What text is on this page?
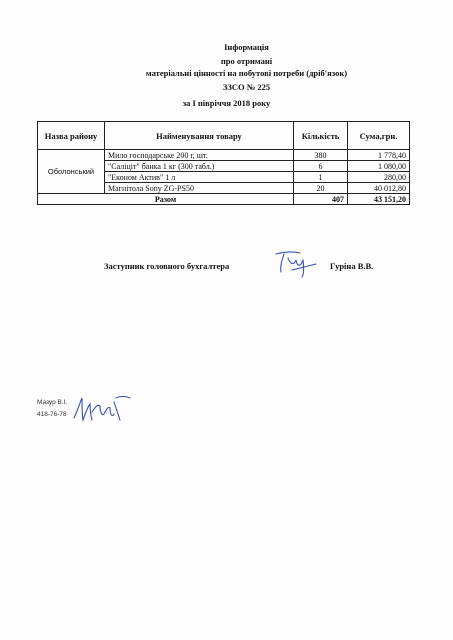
Інформація
про отримані
матеріальні цінності на побутові потреби (дріб'язок)
ЗЗСО № 225
за І півріччя 2018 року
Назва району	Найменування товару	Кількість	Сума,грн.
Оболонський	Мило господарське 200 г, шт.	380	1 778,40
	"Саліціт" банка 1 кг (300 табл.)	6	1 080,00
	"Економ Актив" 1 л	1	280,00
	Магнітола Sony ZG-PS50	20	40 012,80
Разом		407	43 151,20
Заступник головного бухгалтера	Гуріна В.В.
Мазур В.І.
418-76-78
